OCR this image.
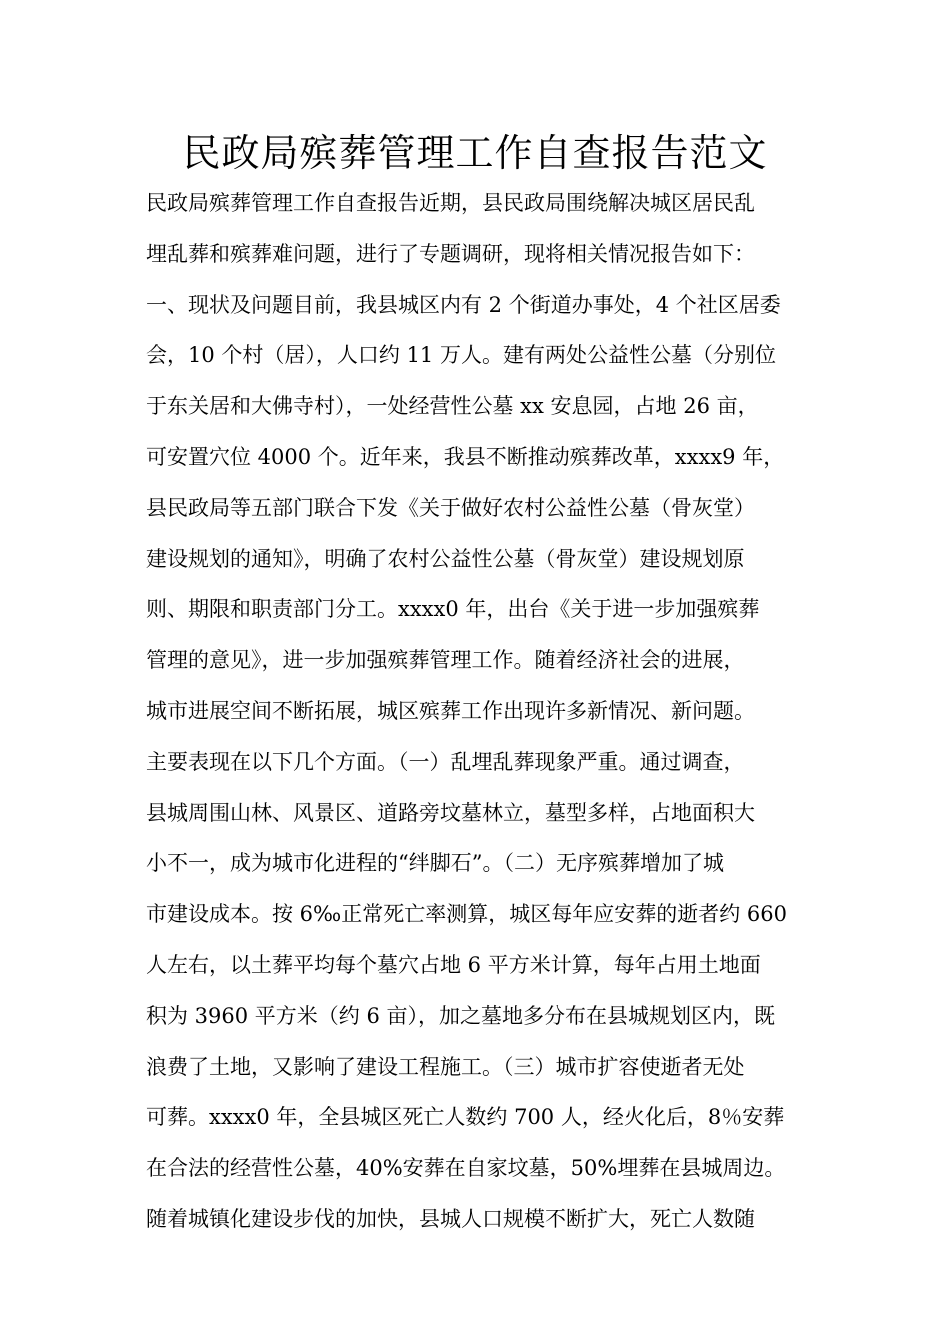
民政局殡葬管理工作自查报告范文
民政局殡葬管理工作自查报告近期，县民政局围绕解决城区居民乱
埋乱葬和殡葬难问题，进行了专题调研，现将相关情况报告如下：
一、现状及问题目前，我县城区内有 2 个街道办事处，4 个社区居委
会，10 个村（居），人口约 11 万人。建有两处公益性公墓（分别位
于东关居和大佛寺村），一处经营性公墓 xx 安息园，占地 26 亩，
可安置穴位 4000 个。近年来，我县不断推动殡葬改革，xxxx9 年，
县民政局等五部门联合下发《关于做好农村公益性公墓（骨灰堂）
建设规划的通知》，明确了农村公益性公墓（骨灰堂）建设规划原
则、期限和职责部门分工。xxxx0 年，出台《关于进一步加强殡葬
管理的意见》，进一步加强殡葬管理工作。随着经济社会的进展，
城市进展空间不断拓展，城区殡葬工作出现许多新情况、新问题。
主要表现在以下几个方面。（一）乱埋乱葬现象严重。通过调查，
县城周围山林、风景区、道路旁坟墓林立，墓型多样，占地面积大
小不一，成为城市化进程的“绊脚石”。（二）无序殡葬增加了城
市建设成本。按 6‰正常死亡率测算，城区每年应安葬的逝者约 660
人左右，以土葬平均每个墓穴占地 6 平方米计算，每年占用土地面
积为 3960 平方米（约 6 亩），加之墓地多分布在县城规划区内，既
浪费了土地，又影响了建设工程施工。（三）城市扩容使逝者无处
可葬。xxxx0 年，全县城区死亡人数约 700 人，经火化后，8％安葬
在合法的经营性公墓，40%安葬在自家坟墓，50%埋葬在县城周边。
随着城镇化建设步伐的加快，县城人口规模不断扩大，死亡人数随
